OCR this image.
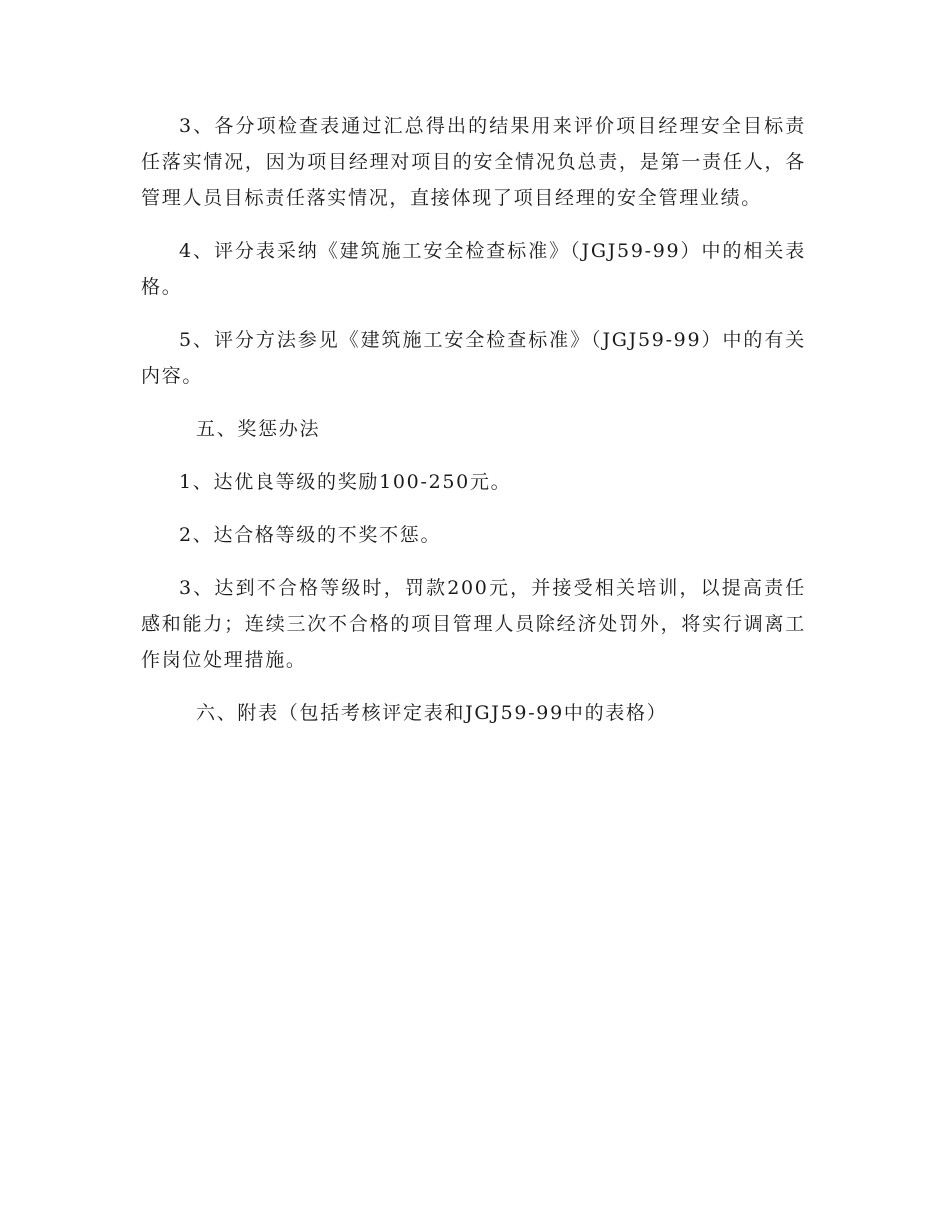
3、各分项检查表通过汇总得出的结果用来评价项目经理安全目标责任落实情况，因为项目经理对项目的安全情况负总责，是第一责任人，各管理人员目标责任落实情况，直接体现了项目经理的安全管理业绩。

4、评分表采纳《建筑施工安全检查标准》（JGJ59-99）中的相关表格。

5、评分方法参见《建筑施工安全检查标准》（JGJ59-99）中的有关内容。

五、奖惩办法

1、达优良等级的奖励100-250元。

2、达合格等级的不奖不惩。

3、达到不合格等级时，罚款200元，并接受相关培训，以提高责任感和能力；连续三次不合格的项目管理人员除经济处罚外，将实行调离工作岗位处理措施。

六、附表（包括考核评定表和JGJ59-99中的表格）
